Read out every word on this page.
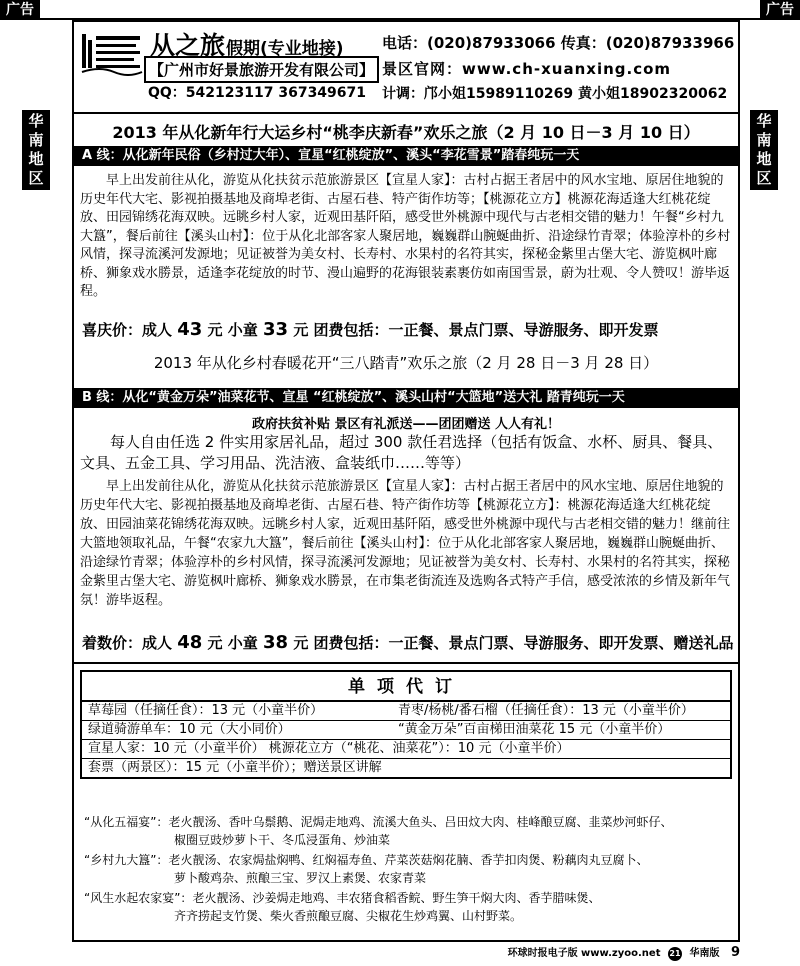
广告	广告
华
南
地
区
华
南
地
区
从之旅 假期(专业地接)
【广州市好景旅游开发有限公司】
QQ：542123117 367349671
电话：(020)87933066 传真：(020)87933966
景区官网：www.ch-xuanxing.com
计调：邝小姐15989110269 黄小姐18902320062
2013 年从化新年行大运乡村“桃李庆新春”欢乐之旅（2 月 10 日－3 月 10 日）
A 线：从化新年民俗（乡村过大年）、宣星“红桃绽放”、溪头“李花雪景”踏春纯玩一天
早上出发前往从化，游览从化扶贫示范旅游景区【宣星人家】：古村占据王者居中的风水宝地、原居住地貌的历史年代大宅、影视拍摄基地及商埠老街、古屋石巷、特产街作坊等；【桃源花立方】桃源花海适逢大红桃花绽放、田园锦绣花海双映。远眺乡村人家，近观田基阡陌，感受世外桃源中现代与古老相交错的魅力！午餐“乡村九大簋”，餐后前往【溪头山村】：位于从化北部客家人聚居地，巍巍群山腕蜒曲折、沿途绿竹青翠；体验淳朴的乡村风情，探寻流溪河发源地；见证被誉为美女村、长寿村、水果村的名符其实，探秘金紫里古堡大宅、游览枫叶廊桥、狮象戏水勝景，适逢李花绽放的时节、漫山遍野的花海银装素裹仿如南国雪景，蔚为壮观、令人赞叹！游毕返程。
喜庆价：成人 43 元 小童 33 元 团费包括：一正餐、景点门票、导游服务、即开发票
2013 年从化乡村春暖花开“三八踏青”欢乐之旅（2 月 28 日－3 月 28 日）
B 线：从化“黄金万朵”油菜花节、宣星 “红桃绽放”、溪头山村“大篮地”送大礼 踏青纯玩一天
政府扶贫补贴 景区有礼派送——团团赠送 人人有礼！
每人自由任选 2 件实用家居礼品，超过 300 款任君选择（包括有饭盒、水杯、厨具、餐具、文具、五金工具、学习用品、洗洁液、盒装纸巾……等等）
早上出发前往从化，游览从化扶贫示范旅游景区【宣星人家】：古村占据王者居中的风水宝地、原居住地貌的历史年代大宅、影视拍摄基地及商埠老街、古屋石巷、特产街作坊等【桃源花立方】：桃源花海适逢大红桃花绽放、田园油菜花锦绣花海双映。远眺乡村人家，近观田基阡陌，感受世外桃源中现代与古老相交错的魅力！继前往大篮地领取礼品，午餐“农家九大簋”，餐后前往【溪头山村】：位于从化北部客家人聚居地，巍巍群山腕蜒曲折、沿途绿竹青翠；体验淳朴的乡村风情，探寻流溪河发源地；见证被誉为美女村、长寿村、水果村的名符其实，探秘金紫里古堡大宅、游览枫叶廊桥、狮象戏水勝景，在市集老街流连及选购各式特产手信，感受浓浓的乡情及新年气氛！游毕返程。
着数价：成人 48 元 小童 38 元 团费包括：一正餐、景点门票、导游服务、即开发票、赠送礼品
单项代订
草莓园（任摘任食）：13 元（小童半价）	青枣/杨桃/番石榴（任摘任食）：13 元（小童半价）
绿道骑游单车：10 元（大小同价）	“黄金万朵”百亩梯田油菜花 15 元（小童半价）
宣星人家：10 元（小童半价） 桃源花立方（“桃花、油菜花”）：10 元（小童半价）
套票（两景区）：15 元（小童半价）；赠送景区讲解
“从化五福宴”：老火靓汤、香叶乌鬃鹅、泥焗走地鸡、流溪大鱼头、吕田炆大肉、桂峰酿豆腐、韭菜炒河虾仔、
椒圈豆豉炒萝卜干、冬瓜浸蛋角、炒油菜
“乡村九大簋”：老火靓汤、农家焗盐焖鸭、红焖福寿鱼、芹菜茨菇焖花腩、香芋扣肉煲、粉藕肉丸豆腐卜、
萝卜酸鸡杂、煎酿三宝、罗汉上素煲、农家青菜
“风生水起农家宴”：老火靓汤、沙姜焗走地鸡、丰农猪食稻香鲩、野生笋干焖大肉、香芋腊味煲、
齐齐捞起支竹煲、柴火香煎酿豆腐、尖椒花生炒鸡翼、山村野菜。
环球时报电子版 www.zyoo.net 21 华南版 9
